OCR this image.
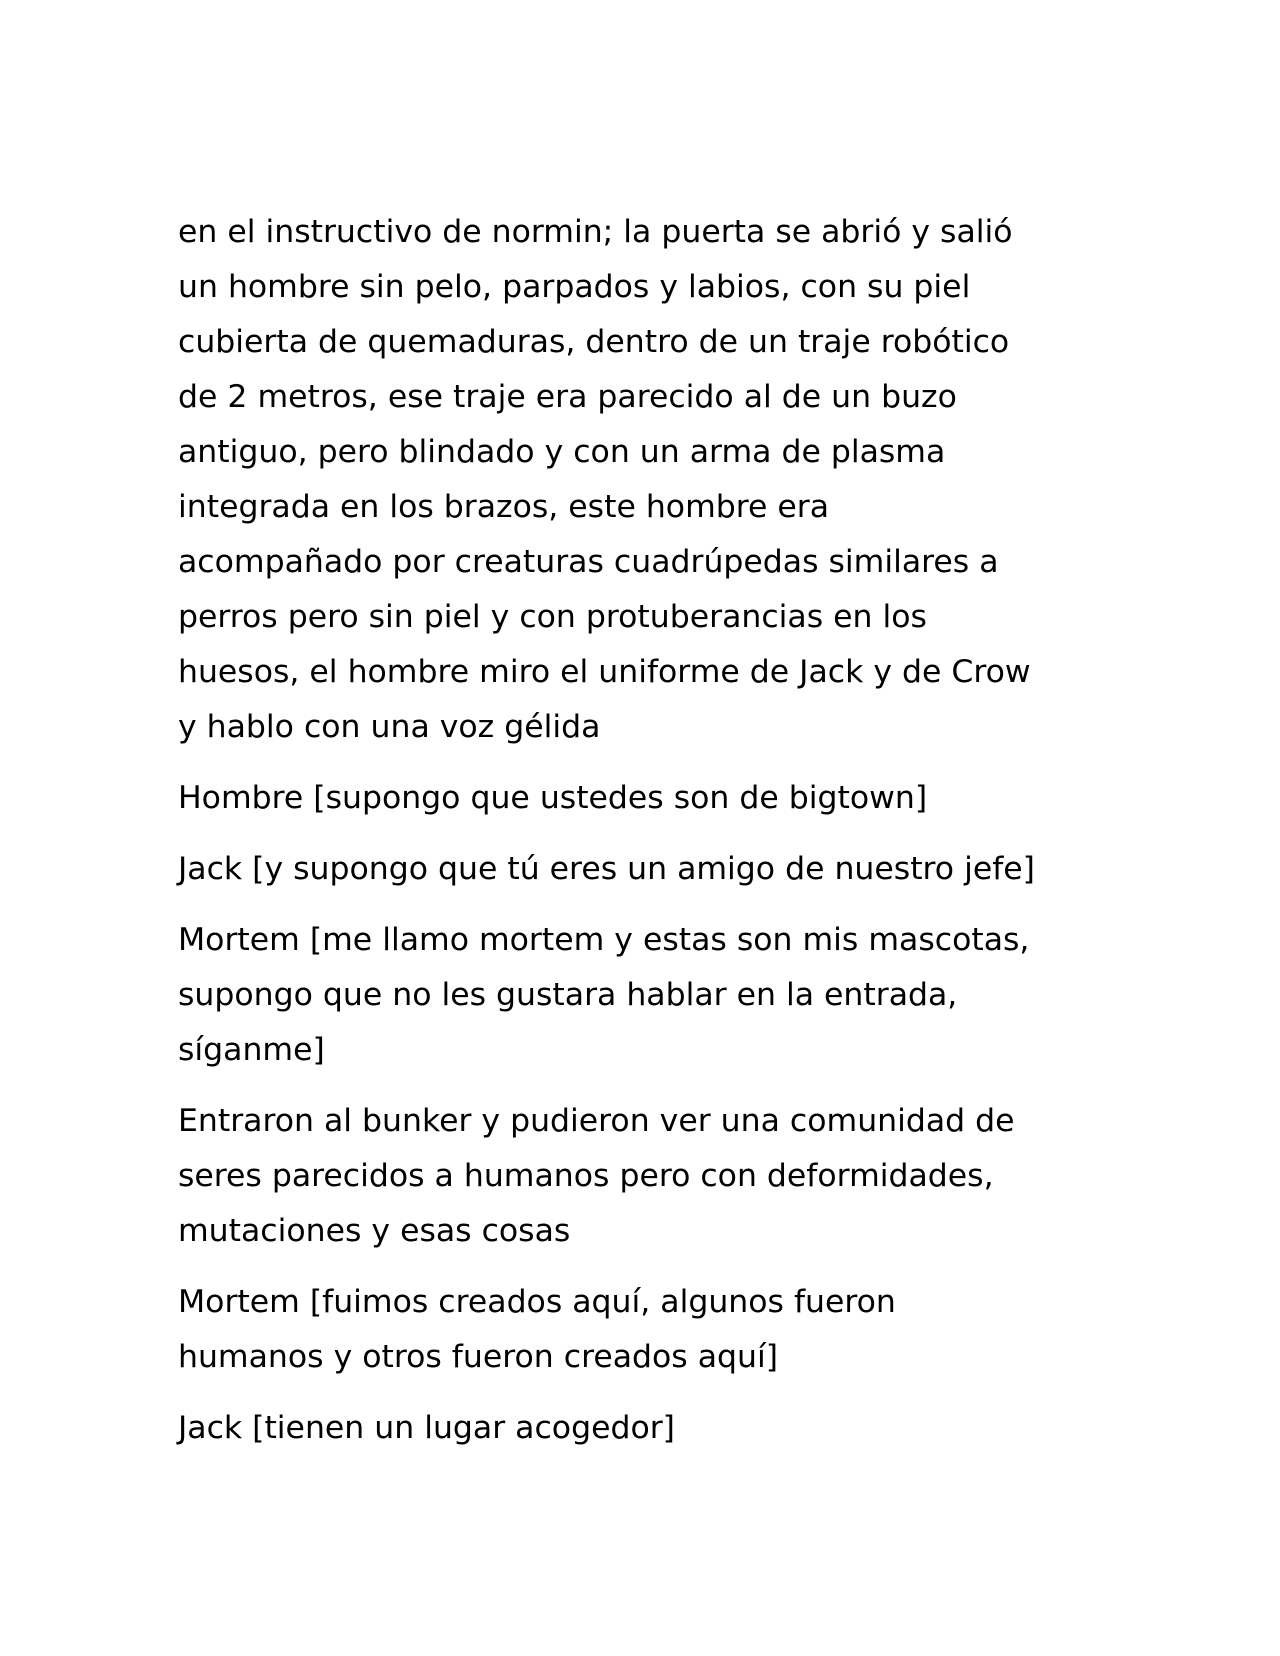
en el instructivo de normin; la puerta se abrió y salió
un hombre sin pelo, parpados y labios, con su piel
cubierta de quemaduras, dentro de un traje robótico
de 2 metros, ese traje era parecido al de un buzo
antiguo, pero blindado y con un arma de plasma
integrada en los brazos, este hombre era
acompañado por creaturas cuadrúpedas similares a
perros pero sin piel y con protuberancias en los
huesos, el hombre miro el uniforme de Jack y de Crow
y hablo con una voz gélida

Hombre [supongo que ustedes son de bigtown]

Jack [y supongo que tú eres un amigo de nuestro jefe]

Mortem [me llamo mortem y estas son mis mascotas,
supongo que no les gustara hablar en la entrada,
síganme]

Entraron al bunker y pudieron ver una comunidad de
seres parecidos a humanos pero con deformidades,
mutaciones y esas cosas

Mortem [fuimos creados aquí, algunos fueron
humanos y otros fueron creados aquí]

Jack [tienen un lugar acogedor]
